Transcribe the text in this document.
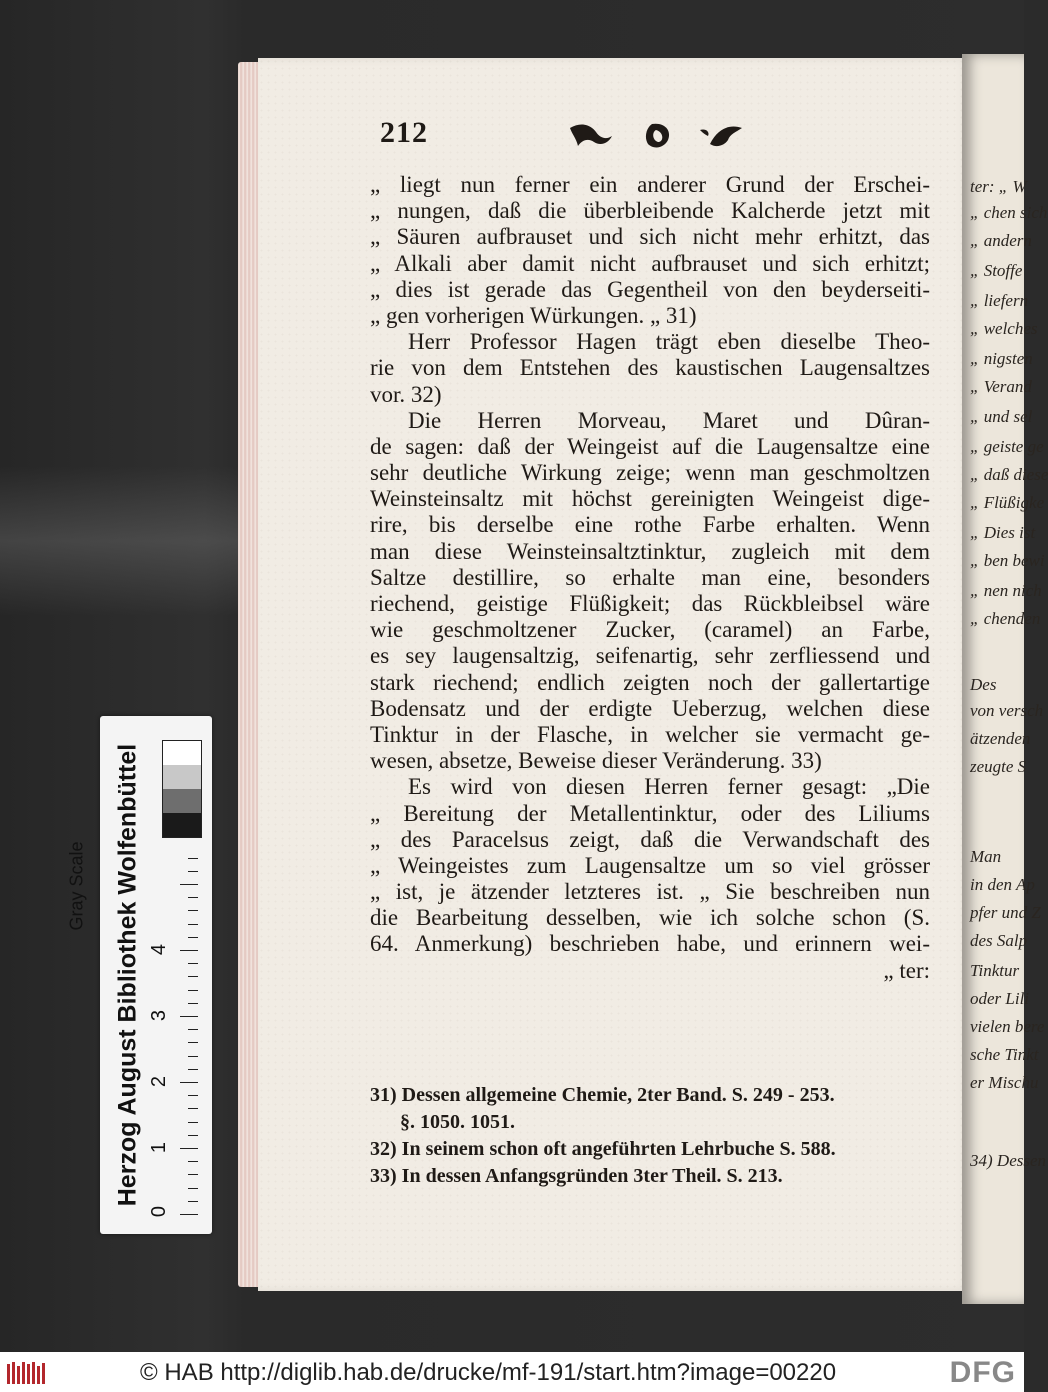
ter: „ W
„ chen sich
„ andern
„ Stoffe
„ liefern
„ welches
„ nigsten
„ Verand
„ und sel
„ geiste ge
„ daß diese
„ Flüßigke
„ Dies ist
„ ben bewi
„ nen nich
„ chenden
Des
von versch
ätzenden
zeugte S
Man
in den Ap
pfer und Z
des Salp
Tinktur
oder Lili
vielen bere
sche Tinkt
er Mischu
34) Dessen
212
„ liegt nun ferner ein anderer Grund der Erschei-
„ nungen, daß die überbleibende Kalcherde jetzt mit
„ Säuren aufbrauset und sich nicht mehr erhitzt, das
„ Alkali aber damit nicht aufbrauset und sich erhitzt;
„ dies ist gerade das Gegentheil von den beyderseiti-
„ gen vorherigen Würkungen. „ 31)
Herr Professor Hagen trägt eben dieselbe Theo-
rie von dem Entstehen des kaustischen Laugensaltzes
vor. 32)
Die Herren Morveau, Maret und Dûran-
de sagen: daß der Weingeist auf die Laugensaltze eine
sehr deutliche Wirkung zeige; wenn man geschmoltzen
Weinsteinsaltz mit höchst gereinigten Weingeist dige-
rire, bis derselbe eine rothe Farbe erhalten. Wenn
man diese Weinsteinsaltztinktur, zugleich mit dem
Saltze destillire, so erhalte man eine, besonders
riechend, geistige Flüßigkeit; das Rückbleibsel wäre
wie geschmoltzener Zucker, (caramel) an Farbe,
es sey laugensaltzig, seifenartig, sehr zerfliessend und
stark riechend; endlich zeigten noch der gallertartige
Bodensatz und der erdigte Ueberzug, welchen diese
Tinktur in der Flasche, in welcher sie vermacht ge-
wesen, absetze, Beweise dieser Veränderung. 33)
Es wird von diesen Herren ferner gesagt: „Die
„ Bereitung der Metallentinktur, oder des Liliums
„ des Paracelsus zeigt, daß die Verwandschaft des
„ Weingeistes zum Laugensaltze um so viel grösser
„ ist, je ätzender letzteres ist. „ Sie beschreiben nun
die Bearbeitung desselben, wie ich solche schon (S.
64. Anmerkung) beschrieben habe, und erinnern wei-
„ ter:
31) Dessen allgemeine Chemie, 2ter Band. S. 249 - 253.
§. 1050. 1051.
32) In seinem schon oft angeführten Lehrbuche S. 588.
33) In dessen Anfangsgründen 3ter Theil. S. 213.
Herzog August Bibliothek Wolfenbüttel
0
1
2
3
4
Gray Scale
© HAB http://diglib.hab.de/drucke/mf-191/start.htm?image=00220	DFG
